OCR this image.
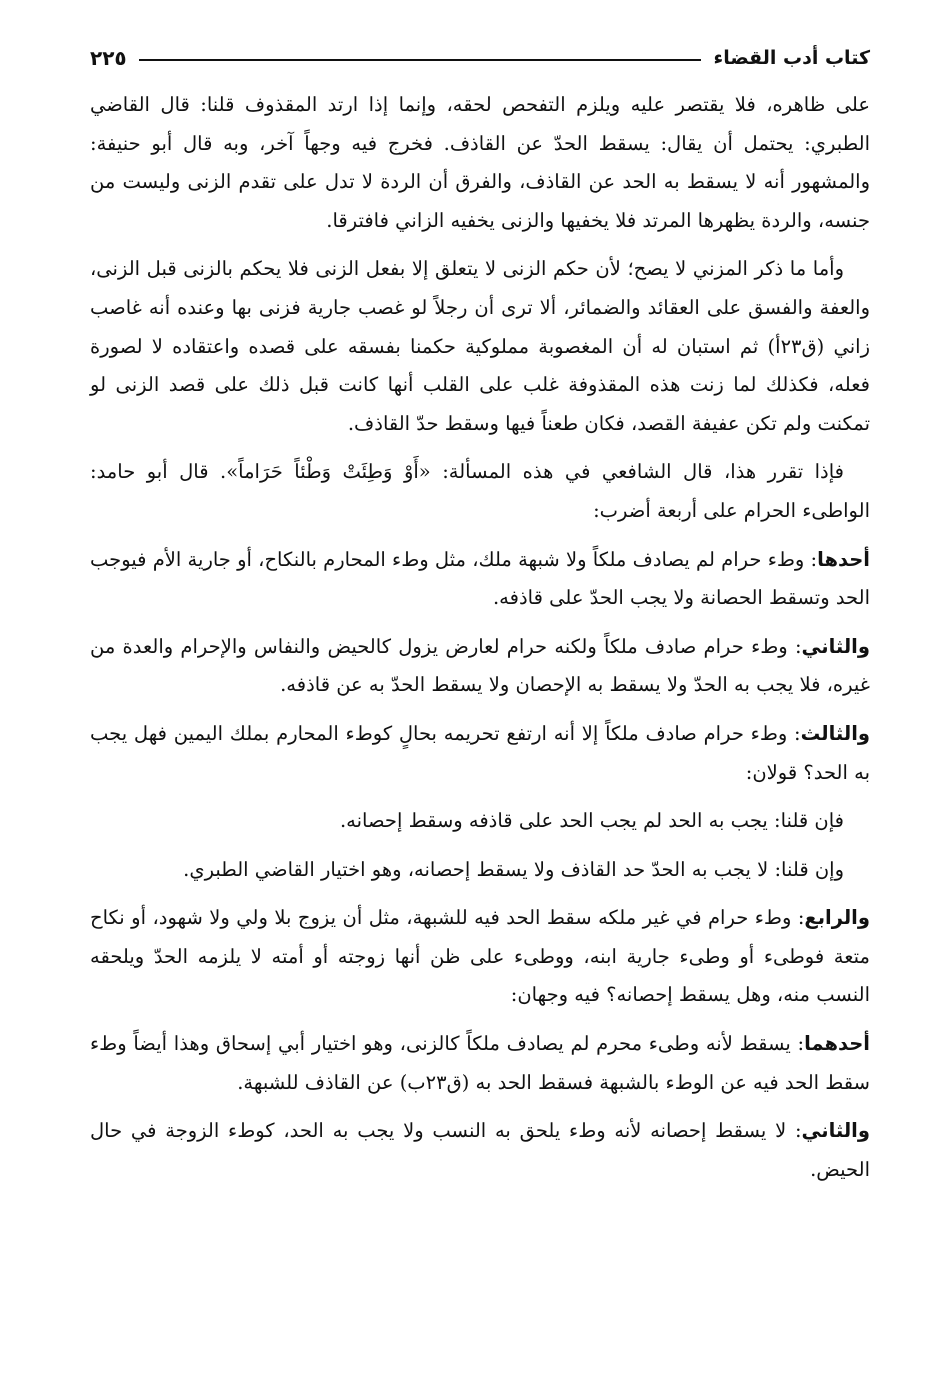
كتاب أدب القضاء
٢٢٥

على ظاهره، فلا يقتصر عليه ويلزم التفحص لحقه، وإنما إذا ارتد المقذوف قلنا: قال القاضي الطبري: يحتمل أن يقال: يسقط الحدّ عن القاذف. فخرج فيه وجهاً آخر، وبه قال أبو حنيفة: والمشهور أنه لا يسقط به الحد عن القاذف، والفرق أن الردة لا تدل على تقدم الزنى وليست من جنسه، والردة يظهرها المرتد فلا يخفيها والزنى يخفيه الزاني فافترقا.

وأما ما ذكر المزني لا يصح؛ لأن حكم الزنى لا يتعلق إلا بفعل الزنى فلا يحكم بالزنى قبل الزنى، والعفة والفسق على العقائد والضمائر، ألا ترى أن رجلاً لو غصب جارية فزنى بها وعنده أنه غاصب زاني (ق٢٣أ) ثم استبان له أن المغصوبة مملوكية حكمنا بفسقه على قصده واعتقاده لا لصورة فعله، فكذلك لما زنت هذه المقذوفة غلب على القلب أنها كانت قبل ذلك على قصد الزنى لو تمكنت ولم تكن عفيفة القصد، فكان طعناً فيها وسقط حدّ القاذف.

فإذا تقرر هذا، قال الشافعي في هذه المسألة: «أَوْ وَطِئَتْ وَطْئاً حَرَاماً». قال أبو حامد: الواطىء الحرام على أربعة أضرب:

أحدها: وطء حرام لم يصادف ملكاً ولا شبهة ملك، مثل وطء المحارم بالنكاح، أو جارية الأم فيوجب الحد وتسقط الحصانة ولا يجب الحدّ على قاذفه.

والثاني: وطء حرام صادف ملكاً ولكنه حرام لعارض يزول كالحيض والنفاس والإحرام والعدة من غيره، فلا يجب به الحدّ ولا يسقط به الإحصان ولا يسقط الحدّ به عن قاذفه.

والثالث: وطء حرام صادف ملكاً إلا أنه ارتفع تحريمه بحالٍ كوطء المحارم بملك اليمين فهل يجب به الحد؟ قولان:

فإن قلنا: يجب به الحد لم يجب الحد على قاذفه وسقط إحصانه.

وإن قلنا: لا يجب به الحدّ حد القاذف ولا يسقط إحصانه، وهو اختيار القاضي الطبري.

والرابع: وطء حرام في غير ملكه سقط الحد فيه للشبهة، مثل أن يزوج بلا ولي ولا شهود، أو نكاح متعة فوطىء أو وطىء جارية ابنه، ووطىء على ظن أنها زوجته أو أمته لا يلزمه الحدّ ويلحقه النسب منه، وهل يسقط إحصانه؟ فيه وجهان:

أحدهما: يسقط لأنه وطىء محرم لم يصادف ملكاً كالزنى، وهو اختيار أبي إسحاق وهذا أيضاً وطء سقط الحد فيه عن الوطء بالشبهة فسقط الحد به (ق٢٣ب) عن القاذف للشبهة.

والثاني: لا يسقط إحصانه لأنه وطء يلحق به النسب ولا يجب به الحد، كوطء الزوجة في حال الحيض.
